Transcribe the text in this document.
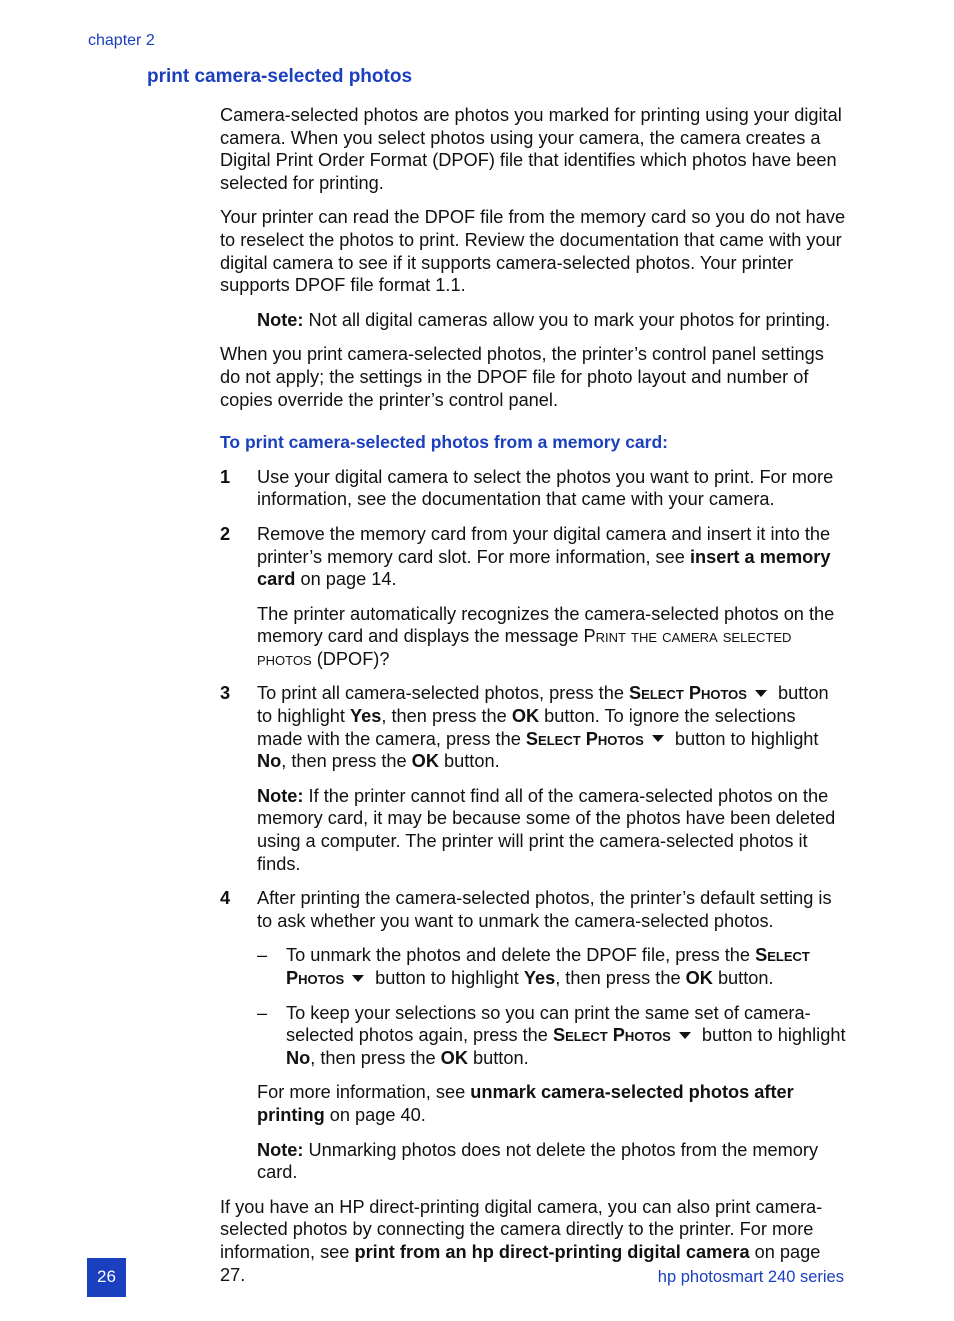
chapter 2
print camera-selected photos

Camera-selected photos are photos you marked for printing using your digital camera. When you select photos using your camera, the camera creates a Digital Print Order Format (DPOF) file that identifies which photos have been selected for printing.

Your printer can read the DPOF file from the memory card so you do not have to reselect the photos to print. Review the documentation that came with your digital camera to see if it supports camera-selected photos. Your printer supports DPOF file format 1.1.

Note: Not all digital cameras allow you to mark your photos for printing.

When you print camera-selected photos, the printer’s control panel settings do not apply; the settings in the DPOF file for photo layout and number of copies override the printer’s control panel.

To print camera-selected photos from a memory card:
1 Use your digital camera to select the photos you want to print. For more information, see the documentation that came with your camera.
2 Remove the memory card from your digital camera and insert it into the printer’s memory card slot. For more information, see insert a memory card on page 14.

The printer automatically recognizes the camera-selected photos on the memory card and displays the message Print the camera selected photos (DPOF)?

3 To print all camera-selected photos, press the Select Photos button to highlight Yes, then press the OK button. To ignore the selections made with the camera, press the Select Photos button to highlight No, then press the OK button.

Note: If the printer cannot find all of the camera-selected photos on the memory card, it may be because some of the photos have been deleted using a computer. The printer will print the camera-selected photos it finds.

4 After printing the camera-selected photos, the printer’s default setting is to ask whether you want to unmark the camera-selected photos.

– To unmark the photos and delete the DPOF file, press the Select Photos button to highlight Yes, then press the OK button.
– To keep your selections so you can print the same set of camera-selected photos again, press the Select Photos button to highlight No, then press the OK button.

For more information, see unmark camera-selected photos after printing on page 40.

Note: Unmarking photos does not delete the photos from the memory card.

If you have an HP direct-printing digital camera, you can also print camera-selected photos by connecting the camera directly to the printer. For more information, see print from an hp direct-printing digital camera on page 27.

26	hp photosmart 240 series
